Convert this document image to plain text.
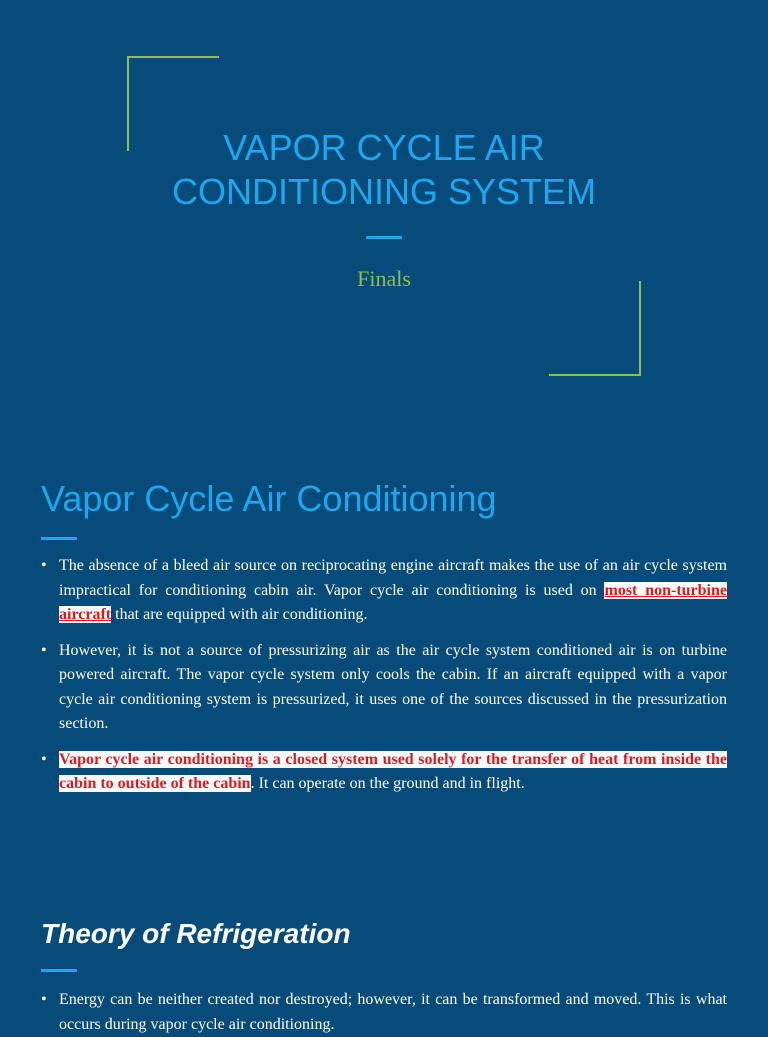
VAPOR CYCLE AIR
CONDITIONING SYSTEM
Finals
Vapor Cycle Air Conditioning
• The absence of a bleed air source on reciprocating engine aircraft makes the use of an air cycle system impractical for conditioning cabin air. Vapor cycle air conditioning is used on most non-turbine aircraft that are equipped with air conditioning.
• However, it is not a source of pressurizing air as the air cycle system conditioned air is on turbine powered aircraft. The vapor cycle system only cools the cabin. If an aircraft equipped with a vapor cycle air conditioning system is pressurized, it uses one of the sources discussed in the pressurization section.
• Vapor cycle air conditioning is a closed system used solely for the transfer of heat from inside the cabin to outside of the cabin. It can operate on the ground and in flight.
Theory of Refrigeration
• Energy can be neither created nor destroyed; however, it can be transformed and moved. This is what occurs during vapor cycle air conditioning.
